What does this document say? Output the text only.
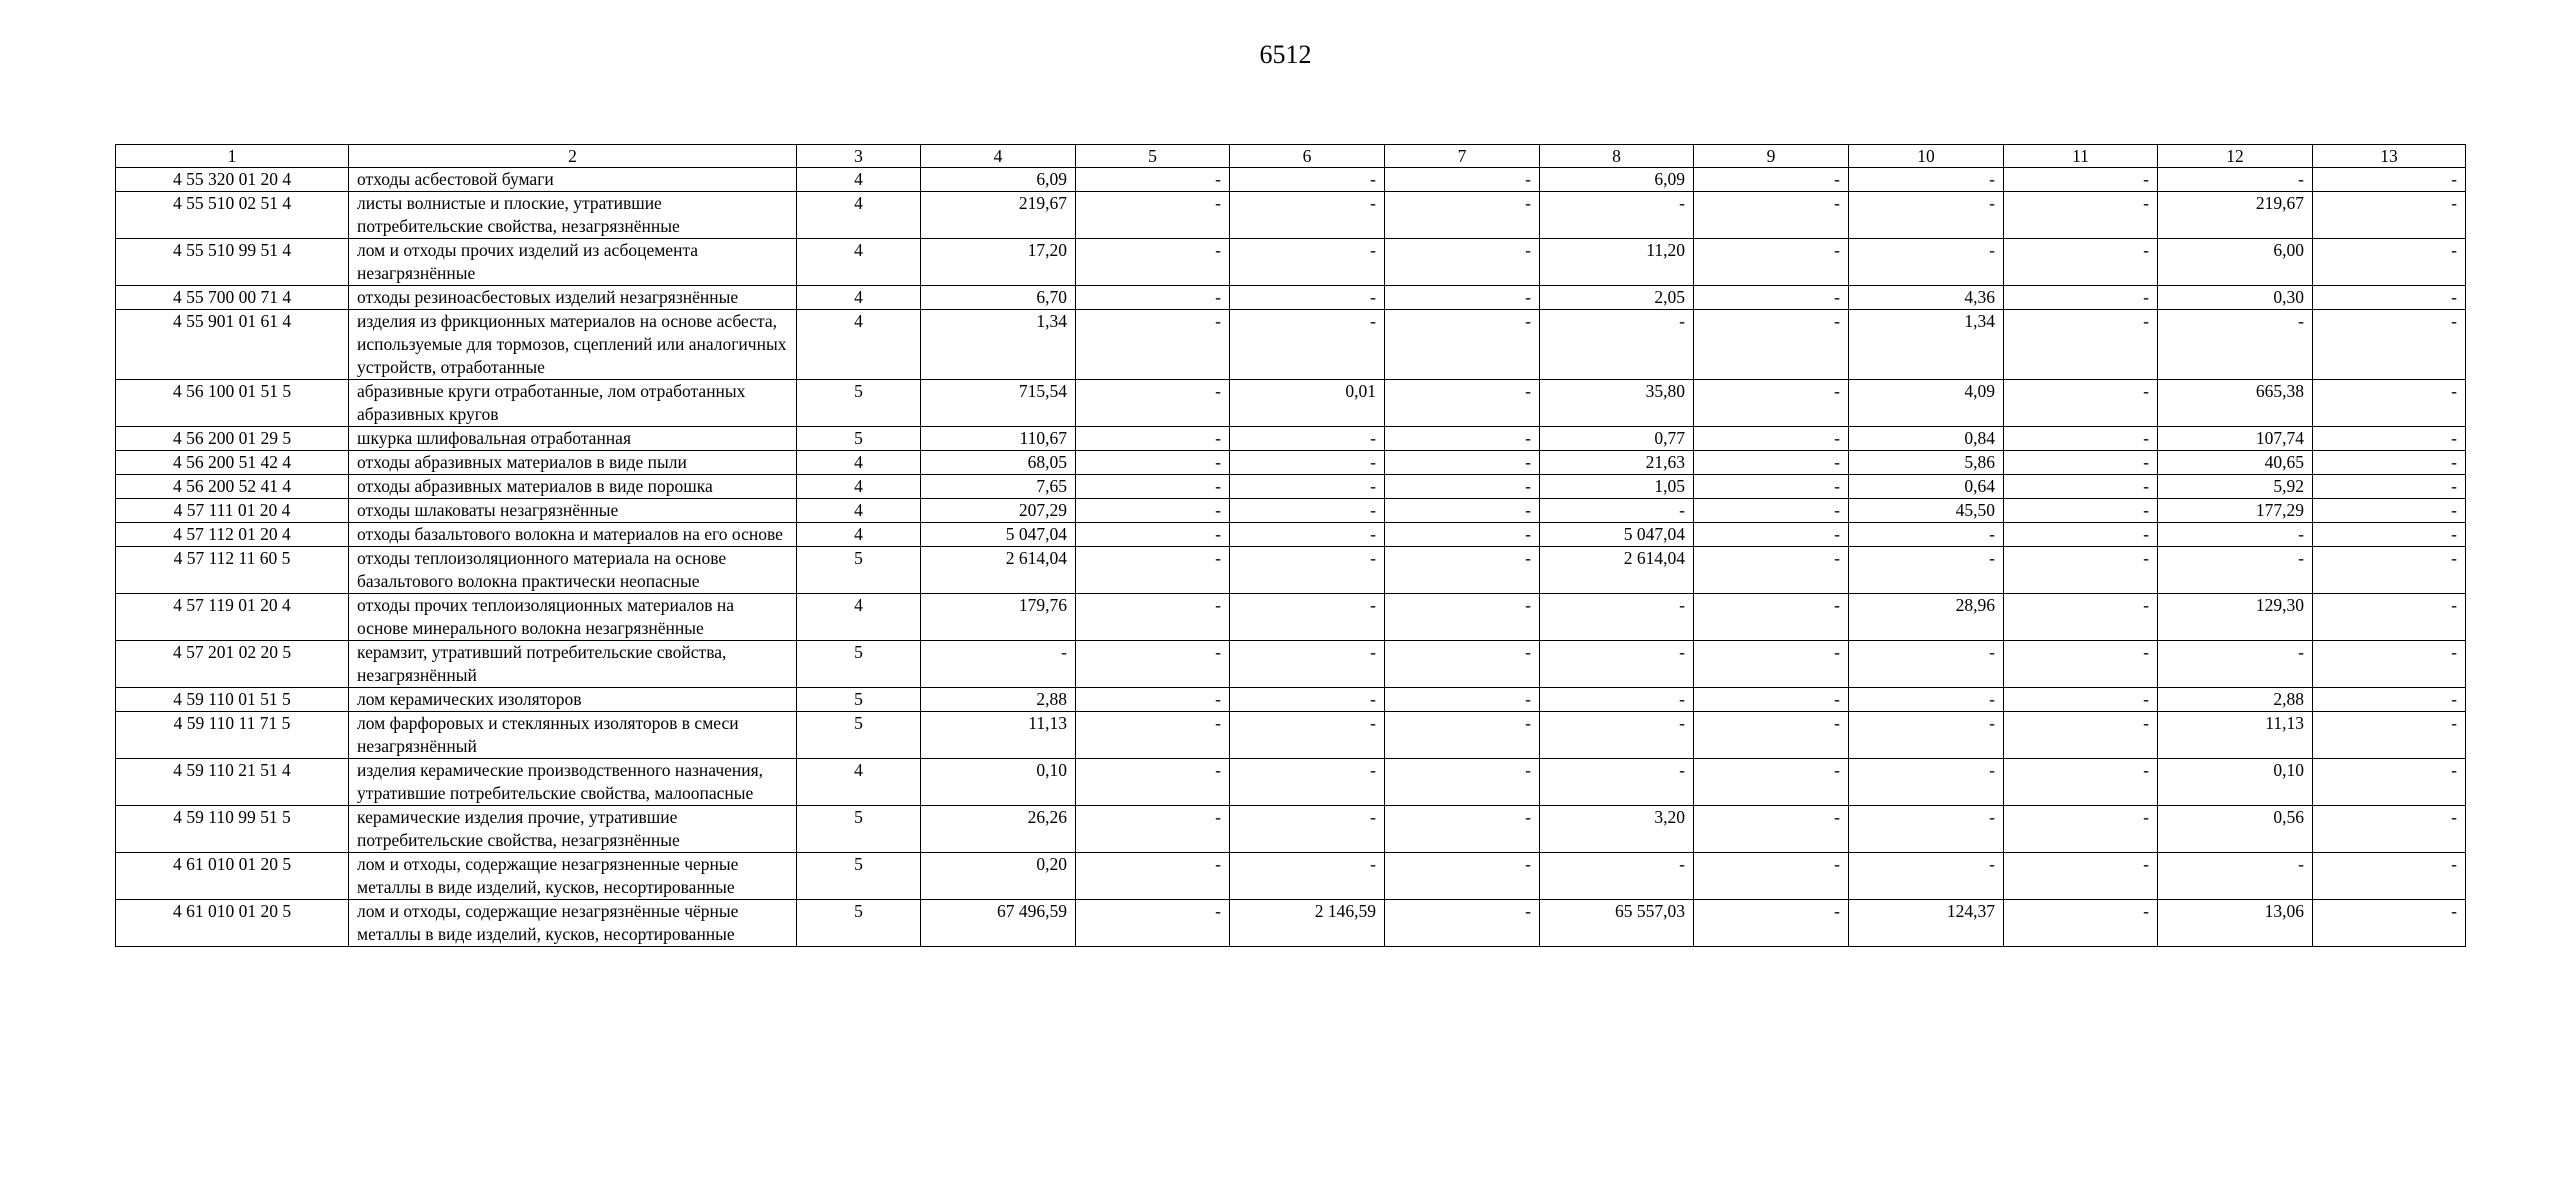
6512
1	2	3	4	5	6	7	8	9	10	11	12	13
4 55 320 01 20 4	отходы асбестовой бумаги	4	6,09	-	-	-	6,09	-	-	-	-	-
4 55 510 02 51 4	листы волнистые и плоские, утратившие потребительские свойства, незагрязнённые	4	219,67	-	-	-	-	-	-	-	219,67	-
4 55 510 99 51 4	лом и отходы прочих изделий из асбоцемента незагрязнённые	4	17,20	-	-	-	11,20	-	-	-	6,00	-
4 55 700 00 71 4	отходы резиноасбестовых изделий незагрязнённые	4	6,70	-	-	-	2,05	-	4,36	-	0,30	-
4 55 901 01 61 4	изделия из фрикционных материалов на основе асбеста, используемые для тормозов, сцеплений или аналогичных устройств, отработанные	4	1,34	-	-	-	-	-	1,34	-	-	-
4 56 100 01 51 5	абразивные круги отработанные, лом отработанных абразивных кругов	5	715,54	-	0,01	-	35,80	-	4,09	-	665,38	-
4 56 200 01 29 5	шкурка шлифовальная отработанная	5	110,67	-	-	-	0,77	-	0,84	-	107,74	-
4 56 200 51 42 4	отходы абразивных материалов в виде пыли	4	68,05	-	-	-	21,63	-	5,86	-	40,65	-
4 56 200 52 41 4	отходы абразивных материалов в виде порошка	4	7,65	-	-	-	1,05	-	0,64	-	5,92	-
4 57 111 01 20 4	отходы шлаковаты незагрязнённые	4	207,29	-	-	-	-	-	45,50	-	177,29	-
4 57 112 01 20 4	отходы базальтового волокна и материалов на его основе	4	5 047,04	-	-	-	5 047,04	-	-	-	-	-
4 57 112 11 60 5	отходы теплоизоляционного материала на основе базальтового волокна практически неопасные	5	2 614,04	-	-	-	2 614,04	-	-	-	-	-
4 57 119 01 20 4	отходы прочих теплоизоляционных материалов на основе минерального волокна незагрязнённые	4	179,76	-	-	-	-	-	28,96	-	129,30	-
4 57 201 02 20 5	керамзит, утративший потребительские свойства, незагрязнённый	5	-	-	-	-	-	-	-	-	-	-
4 59 110 01 51 5	лом керамических изоляторов	5	2,88	-	-	-	-	-	-	-	2,88	-
4 59 110 11 71 5	лом фарфоровых и стеклянных изоляторов в смеси незагрязнённый	5	11,13	-	-	-	-	-	-	-	11,13	-
4 59 110 21 51 4	изделия керамические производственного назначения, утратившие потребительские свойства, малоопасные	4	0,10	-	-	-	-	-	-	-	0,10	-
4 59 110 99 51 5	керамические изделия прочие, утратившие потребительские свойства, незагрязнённые	5	26,26	-	-	-	3,20	-	-	-	0,56	-
4 61 010 01 20 5	лом и отходы, содержащие незагрязненные черные металлы в виде изделий, кусков, несортированные	5	0,20	-	-	-	-	-	-	-	-	-
4 61 010 01 20 5	лом и отходы, содержащие незагрязнённые чёрные металлы в виде изделий, кусков, несортированные	5	67 496,59	-	2 146,59	-	65 557,03	-	124,37	-	13,06	-
